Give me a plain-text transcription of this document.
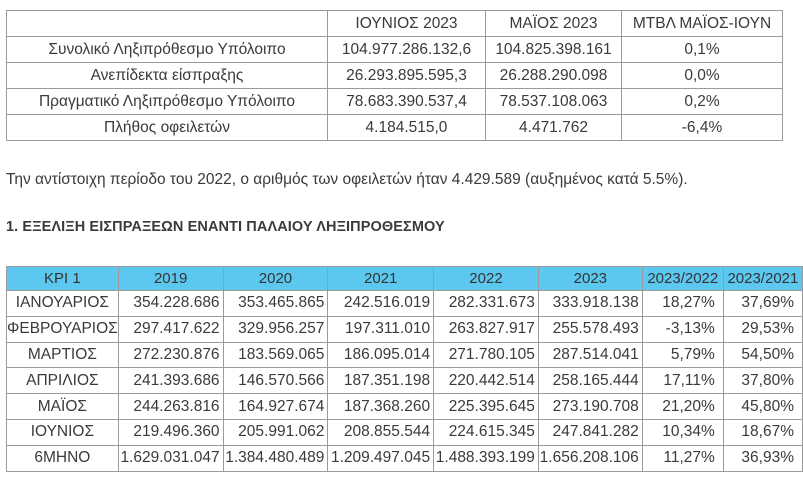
	ΙΟΥΝΙΟΣ 2023	ΜΑΪΟΣ 2023	ΜΤΒΛ ΜΑΪΟΣ-ΙΟΥΝ
Συνολικό Ληξιπρόθεσμο Υπόλοιπο	104.977.286.132,6	104.825.398.161	0,1%
Ανεπίδεκτα είσπραξης	26.293.895.595,3	26.288.290.098	0,0%
Πραγματικό Ληξιπρόθεσμο Υπόλοιπο	78.683.390.537,4	78.537.108.063	0,2%
Πλήθος οφειλετών	4.184.515,0	4.471.762	-6,4%

Την αντίστοιχη περίοδο του 2022, ο αριθμός των οφειλετών ήταν 4.429.589 (αυξημένος κατά 5.5%).

1. ΕΞΕΛΙΞΗ ΕΙΣΠΡΑΞΕΩΝ ΕΝΑΝΤΙ ΠΑΛΑΙΟΥ ΛΗΞΙΠΡΟΘΕΣΜΟΥ
KPI 1	2019	2020	2021	2022	2023	2023/2022	2023/2021
ΙΑΝΟΥΑΡΙΟΣ	354.228.686	353.465.865	242.516.019	282.331.673	333.918.138	18,27%	37,69%
ΦΕΒΡΟΥΑΡΙΟΣ	297.417.622	329.956.257	197.311.010	263.827.917	255.578.493	-3,13%	29,53%
ΜΑΡΤΙΟΣ	272.230.876	183.569.065	186.095.014	271.780.105	287.514.041	5,79%	54,50%
ΑΠΡΙΛΙΟΣ	241.393.686	146.570.566	187.351.198	220.442.514	258.165.444	17,11%	37,80%
ΜΑΪΟΣ	244.263.816	164.927.674	187.368.260	225.395.645	273.190.708	21,20%	45,80%
ΙΟΥΝΙΟΣ	219.496.360	205.991.062	208.855.544	224.615.345	247.841.282	10,34%	18,67%
6ΜΗΝΟ	1.629.031.047	1.384.480.489	1.209.497.045	1.488.393.199	1.656.208.106	11,27%	36,93%
